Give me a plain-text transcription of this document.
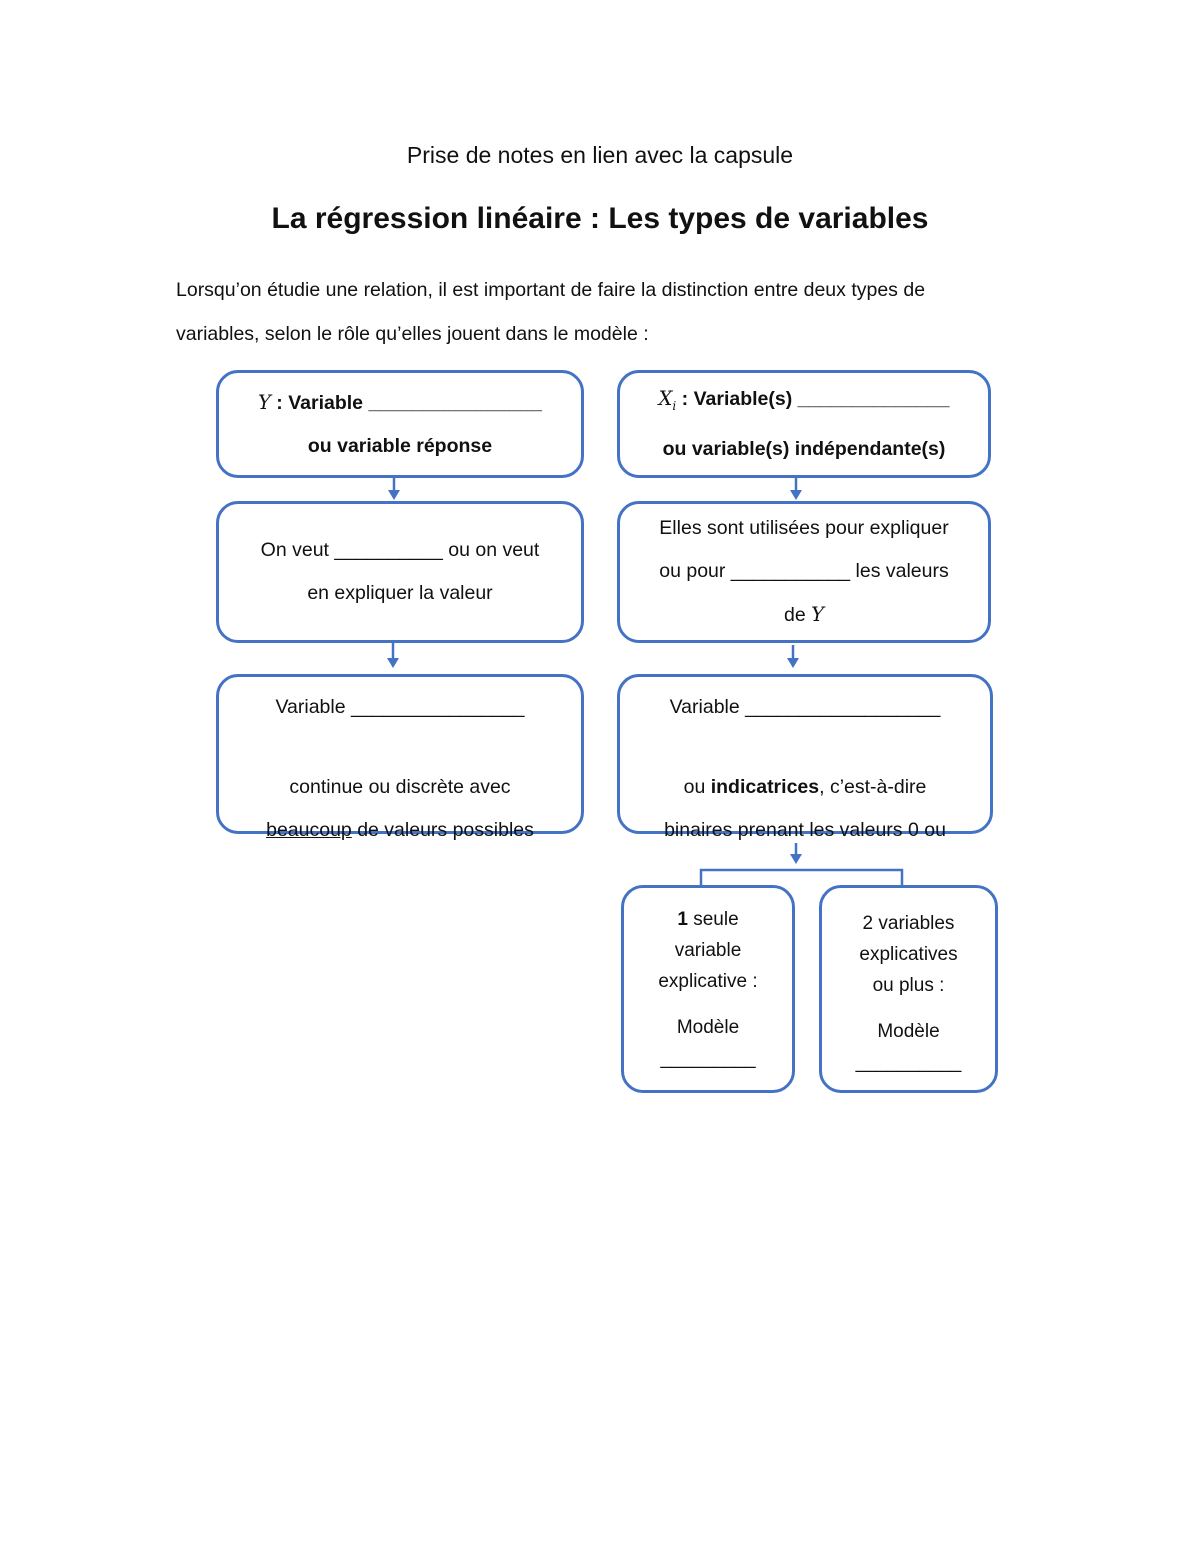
Prise de notes en lien avec la capsule
La régression linéaire : Les types de variables
Lorsqu’on étudie une relation, il est important de faire la distinction entre deux types de
variables, selon le rôle qu’elles jouent dans le modèle :
Y : Variable ________________
ou variable réponse
On veut __________ ou on veut
en expliquer la valeur
Variable ________________
continue ou discrète avec
beaucoup de valeurs possibles
$X_i$ : Variable(s) ______________
ou variable(s) indépendante(s)
Elles sont utilisées pour expliquer
ou pour ___________ les valeurs
de Y
Variable __________________
ou indicatrices, c’est-à-dire
binaires prenant les valeurs 0 ou
1 seule
variable
explicative :
Modèle
_________
2 variables
explicatives
ou plus :
Modèle
__________
